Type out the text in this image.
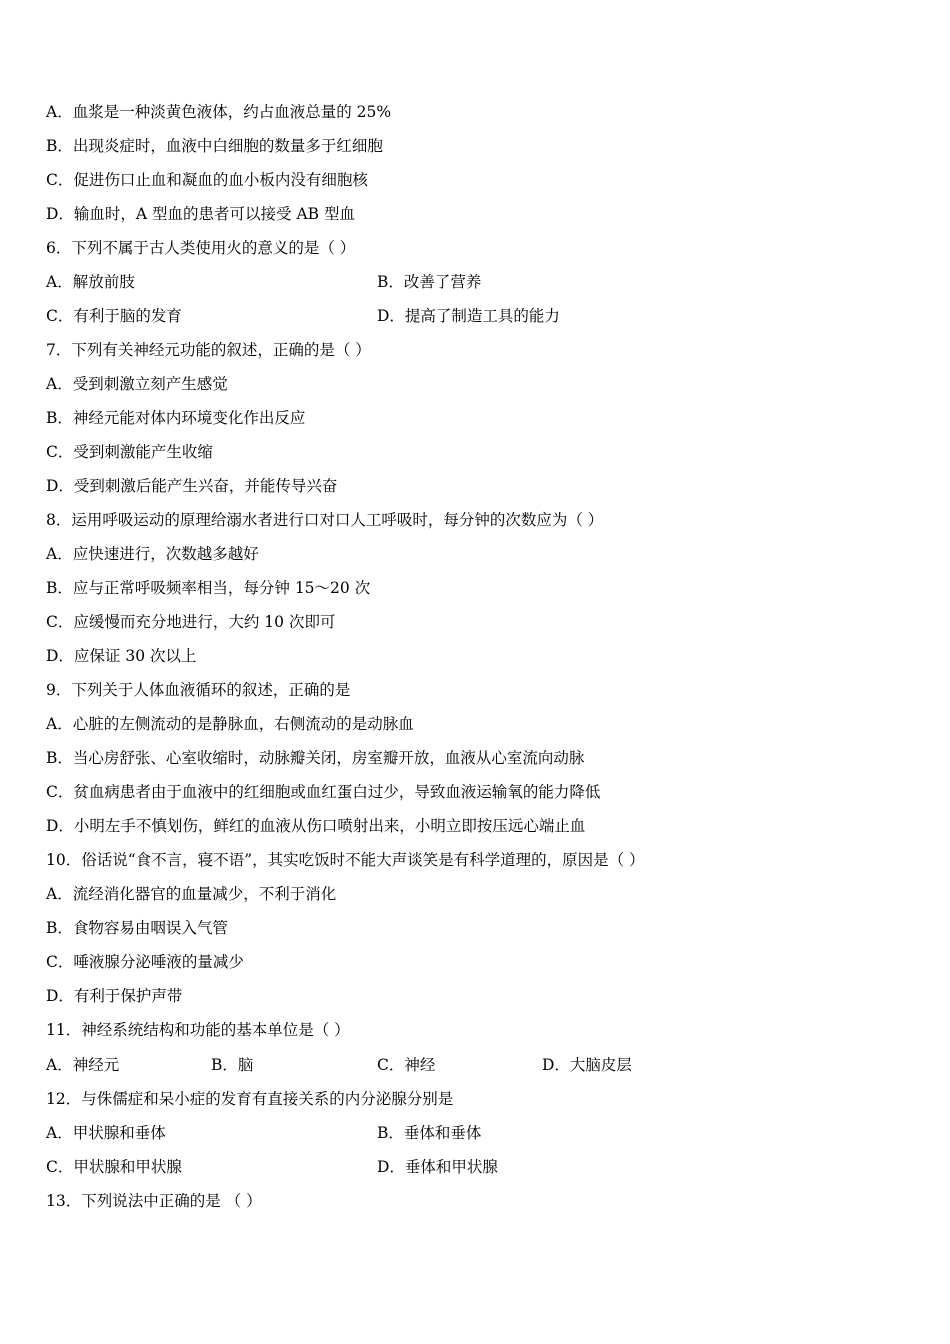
A．血浆是一种淡黄色液体，约占血液总量的 25%
B．出现炎症时，血液中白细胞的数量多于红细胞
C．促进伤口止血和凝血的血小板内没有细胞核
D．输血时，A 型血的患者可以接受 AB 型血
6．下列不属于古人类使用火的意义的是（ ）
A．解放前肢	B．改善了营养
C．有利于脑的发育	D．提高了制造工具的能力
7．下列有关神经元功能的叙述，正确的是（ ）
A．受到刺激立刻产生感觉
B．神经元能对体内环境变化作出反应
C．受到刺激能产生收缩
D．受到刺激后能产生兴奋，并能传导兴奋
8．运用呼吸运动的原理给溺水者进行口对口人工呼吸时，每分钟的次数应为（ ）
A．应快速进行，次数越多越好
B．应与正常呼吸频率相当，每分钟 15～20 次
C．应缓慢而充分地进行，大约 10 次即可
D．应保证 30 次以上
9．下列关于人体血液循环的叙述，正确的是
A．心脏的左侧流动的是静脉血，右侧流动的是动脉血
B．当心房舒张、心室收缩时，动脉瓣关闭，房室瓣开放，血液从心室流向动脉
C．贫血病患者由于血液中的红细胞或血红蛋白过少，导致血液运输氧的能力降低
D．小明左手不慎划伤，鲜红的血液从伤口喷射出来，小明立即按压远心端止血
10．俗话说“食不言，寝不语”，其实吃饭时不能大声谈笑是有科学道理的，原因是（ ）
A．流经消化器官的血量减少，不利于消化
B．食物容易由咽误入气管
C．唾液腺分泌唾液的量减少
D．有利于保护声带
11．神经系统结构和功能的基本单位是（ ）
A．神经元	B．脑	C．神经	D．大脑皮层
12．与侏儒症和呆小症的发育有直接关系的内分泌腺分别是
A．甲状腺和垂体	B．垂体和垂体
C．甲状腺和甲状腺	D．垂体和甲状腺
13．下列说法中正确的是 （ ）
